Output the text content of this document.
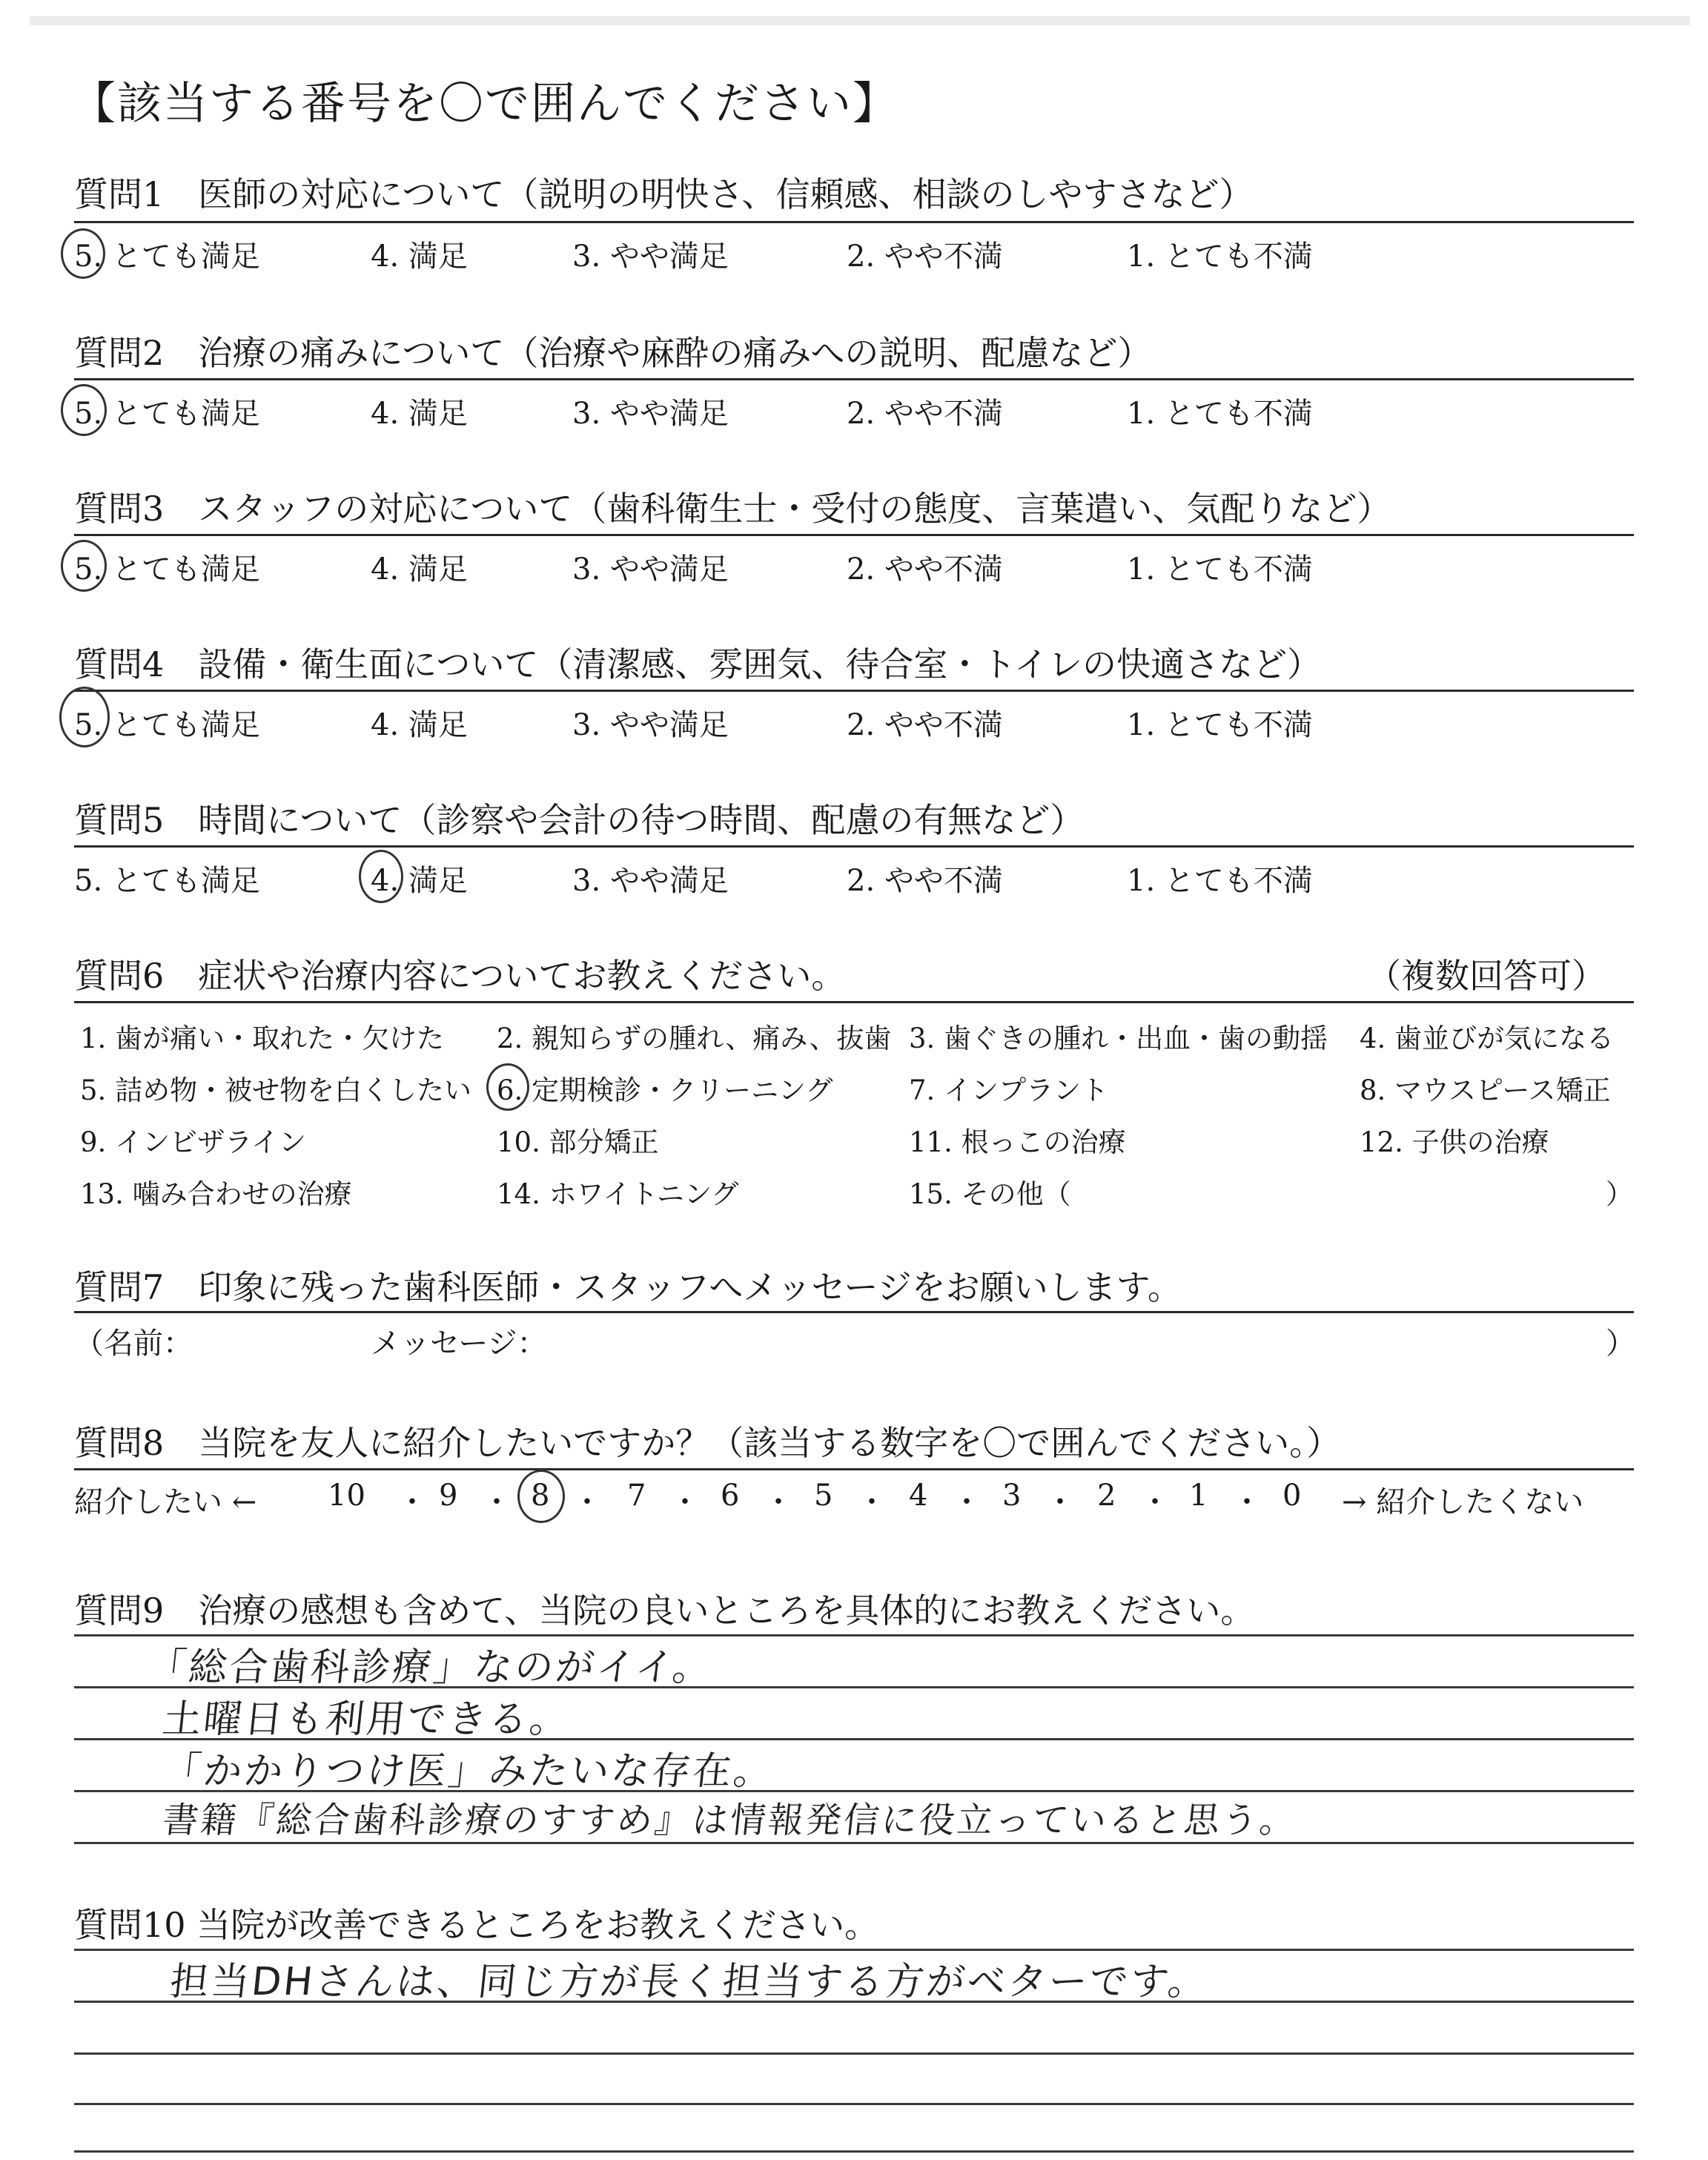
【該当する番号を〇で囲んでください】
質問1　医師の対応について（説明の明快さ、信頼感、相談のしやすさなど）
5. とても満足	4. 満足	3. やや満足	2. やや不満	1. とても不満
質問2　治療の痛みについて（治療や麻酔の痛みへの説明、配慮など）
5. とても満足	4. 満足	3. やや満足	2. やや不満	1. とても不満
質問3　スタッフの対応について（歯科衛生士・受付の態度、言葉遣い、気配りなど）
5. とても満足	4. 満足	3. やや満足	2. やや不満	1. とても不満
質問4　設備・衛生面について（清潔感、雰囲気、待合室・トイレの快適さなど）
5. とても満足	4. 満足	3. やや満足	2. やや不満	1. とても不満
質問5　時間について（診察や会計の待つ時間、配慮の有無など）
5. とても満足	4. 満足	3. やや満足	2. やや不満	1. とても不満
質問6　症状や治療内容についてお教えください。	（複数回答可）
1. 歯が痛い・取れた・欠けた 2. 親知らずの腫れ、痛み、抜歯 3. 歯ぐきの腫れ・出血・歯の動揺 4. 歯並びが気になる
5. 詰め物・被せ物を白くしたい 6. 定期検診・クリーニング	7. インプラント	8. マウスピース矯正
9. インビザライン	10. 部分矯正	11. 根っこの治療	12. 子供の治療
13. 噛み合わせの治療	14. ホワイトニング	15. その他（	）
質問7　印象に残った歯科医師・スタッフへメッセージをお願いします。
（名前：	メッセージ：	）
質問8　当院を友人に紹介したいですか？（該当する数字を〇で囲んでください。）
紹介したい ← 10 ・ 9 ・ 8 ・ 7 ・ 6 ・ 5 ・ 4 ・ 3 ・ 2 ・ 1 ・ 0 → 紹介したくない
質問9　治療の感想も含めて、当院の良いところを具体的にお教えください。
「総合歯科診療」なのがイイ。
土曜日も利用できる。
「かかりつけ医」みたいな存在。
書籍『総合歯科診療のすすめ』は情報発信に役立っていると思う。
質問10 当院が改善できるところをお教えください。
担当DHさんは、同じ方が長く担当する方がベターです。
